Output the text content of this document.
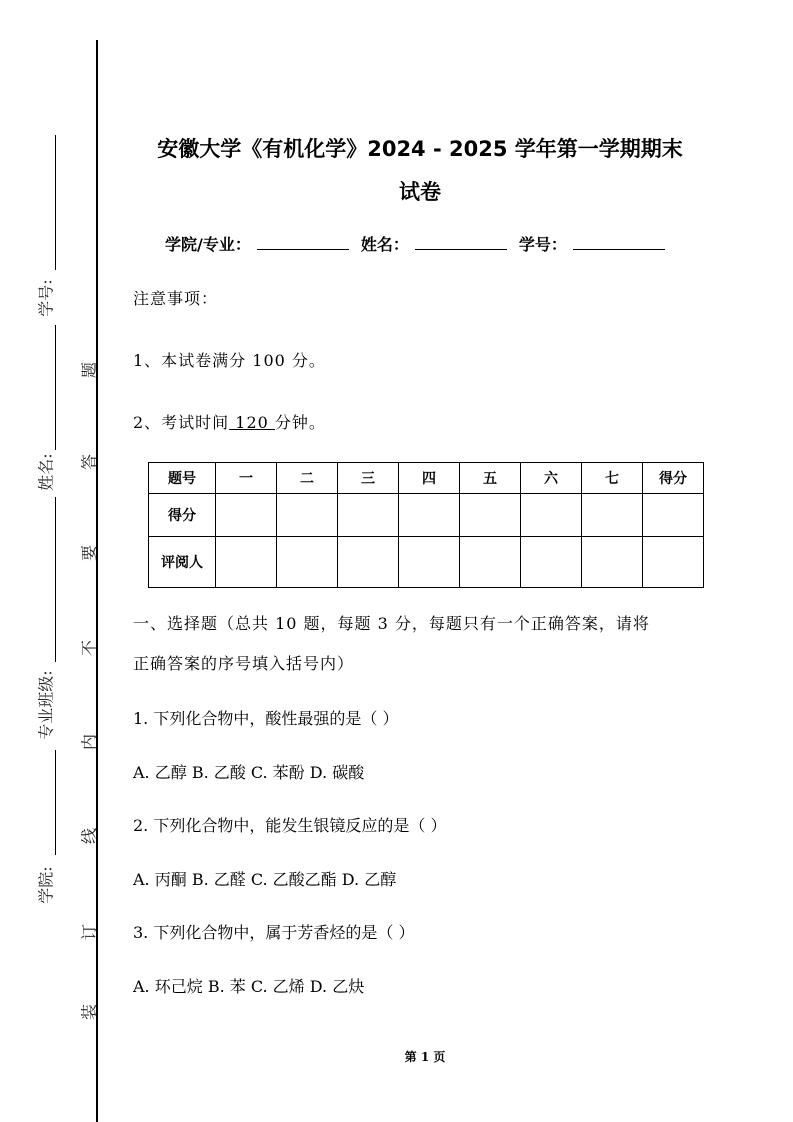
学号:
姓名:
专业班级:
学院:
题
答
要
不
内
线
订
装
安徽大学《有机化学》2024 - 2025 学年第一学期期末
试卷
学院/专业：	姓名：	学号：
注意事项：
1、本试卷满分 100 分。
2、考试时间 120 分钟。
题号	一	二	三	四	五	六	七	得分
得分								
评阅人								
一、选择题（总共 10 题，每题 3 分，每题只有一个正确答案，请将
正确答案的序号填入括号内）
1. 下列化合物中，酸性最强的是（ ）
A. 乙醇 B. 乙酸 C. 苯酚 D. 碳酸
2. 下列化合物中，能发生银镜反应的是（ ）
A. 丙酮 B. 乙醛 C. 乙酸乙酯 D. 乙醇
3. 下列化合物中，属于芳香烃的是（ ）
A. 环己烷 B. 苯 C. 乙烯 D. 乙炔
第 1 页
